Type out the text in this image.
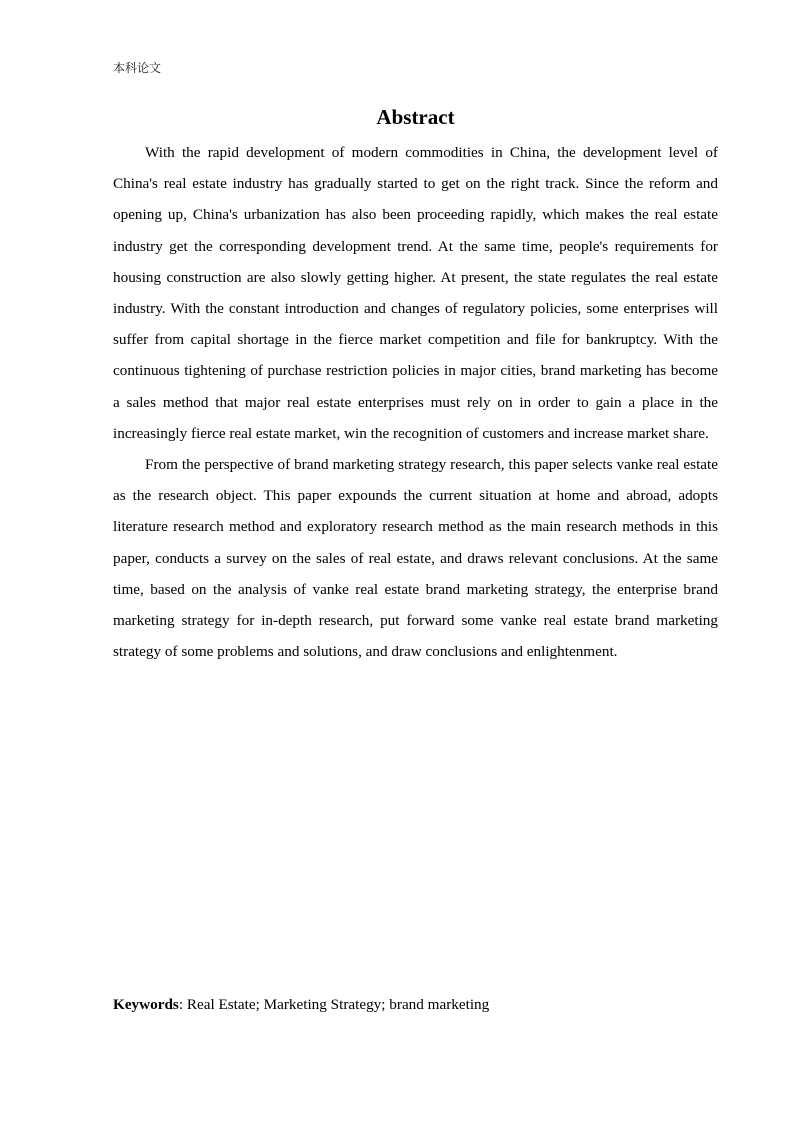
本科论文
Abstract

With the rapid development of modern commodities in China, the development level of China's real estate industry has gradually started to get on the right track. Since the reform and opening up, China's urbanization has also been proceeding rapidly, which makes the real estate industry get the corresponding development trend. At the same time, people's requirements for housing construction are also slowly getting higher. At present, the state regulates the real estate industry. With the constant introduction and changes of regulatory policies, some enterprises will suffer from capital shortage in the fierce market competition and file for bankruptcy. With the continuous tightening of purchase restriction policies in major cities, brand marketing has become a sales method that major real estate enterprises must rely on in order to gain a place in the increasingly fierce real estate market, win the recognition of customers and increase market share.

From the perspective of brand marketing strategy research, this paper selects vanke real estate as the research object. This paper expounds the current situation at home and abroad, adopts literature research method and exploratory research method as the main research methods in this paper, conducts a survey on the sales of real estate, and draws relevant conclusions. At the same time, based on the analysis of vanke real estate brand marketing strategy, the enterprise brand marketing strategy for in-depth research, put forward some vanke real estate brand marketing strategy of some problems and solutions, and draw conclusions and enlightenment.

Keywords: Real Estate; Marketing Strategy; brand marketing
